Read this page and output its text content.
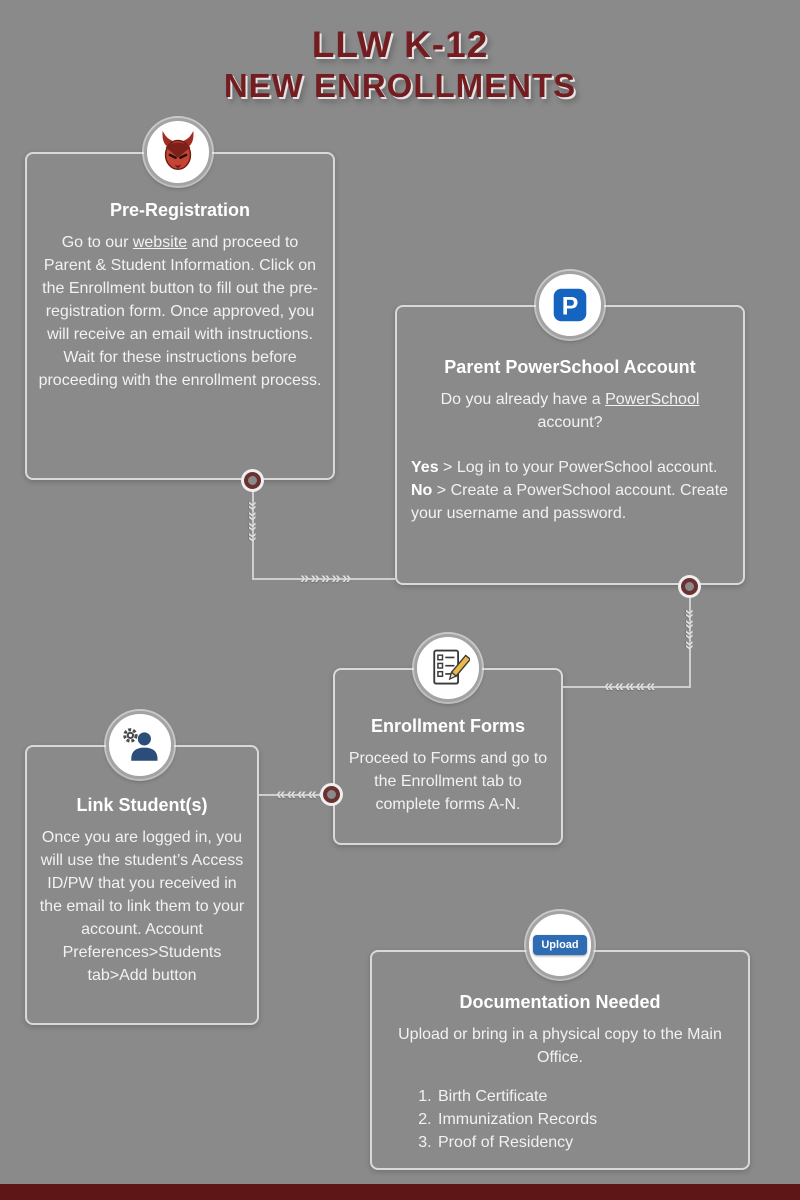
LLW K-12
NEW ENROLLMENTS
»»»»
»»»»»
»»»»
«««««
«««««
Pre-Registration

Go to our website and proceed to Parent & Student Information. Click on the Enrollment button to fill out the pre-registration form. Once approved, you will receive an email with instructions. Wait for these instructions before proceeding with the enrollment process.

Parent PowerSchool Account

Do you already have a PowerSchool account?

Yes > Log in to your PowerSchool account.

No > Create a PowerSchool account. Create your username and password.

P
Enrollment Forms

Proceed to Forms and go to the Enrollment tab to complete forms A-N.

Link Student(s)

Once you are logged in, you will use the student’s Access ID/PW that you received in the email to link them to your account. Account Preferences>Students tab>Add button

Documentation Needed

Upload or bring in a physical copy to the Main Office.

1. Birth Certificate
2. Immunization Records
3. Proof of Residency
Upload
